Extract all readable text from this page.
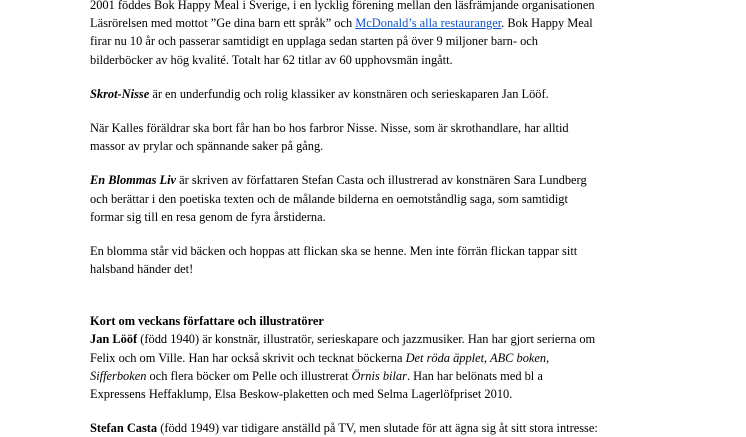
2001 föddes Bok Happy Meal i Sverige, i en lycklig förening mellan den läsfrämjande organisationen
Läsrörelsen med mottot ”Ge dina barn ett språk” och McDonald’s alla restauranger. Bok Happy Meal
firar nu 10 år och passerar samtidigt en upplaga sedan starten på över 9 miljoner barn- och
bilderböcker av hög kvalité. Totalt har 62 titlar av 60 upphovsmän ingått.
Skrot-Nisse är en underfundig och rolig klassiker av konstnären och serieskaparen Jan Lööf.
När Kalles föräldrar ska bort får han bo hos farbror Nisse. Nisse, som är skrothandlare, har alltid
massor av prylar och spännande saker på gång.
En Blommas Liv är skriven av författaren Stefan Casta och illustrerad av konstnären Sara Lundberg
och berättar i den poetiska texten och de målande bilderna en oemotståndlig saga, som samtidigt
formar sig till en resa genom de fyra årstiderna.
En blomma står vid bäcken och hoppas att flickan ska se henne. Men inte förrän flickan tappar sitt
halsband händer det!
Kort om veckans författare och illustratörer
Jan Lööf (född 1940) är konstnär, illustratör, serieskapare och jazzmusiker. Han har gjort serierna om
Felix och om Ville. Han har också skrivit och tecknat böckerna Det röda äpplet, ABC boken,
Sifferboken och flera böcker om Pelle och illustrerat Örnis bilar. Han har belönats med bl a
Expressens Heffaklump, Elsa Beskow-plaketten och med Selma Lagerlöfpriset 2010.
Stefan Casta (född 1949) var tidigare anställd på TV, men slutade för att ägna sig åt sitt stora intresse:
